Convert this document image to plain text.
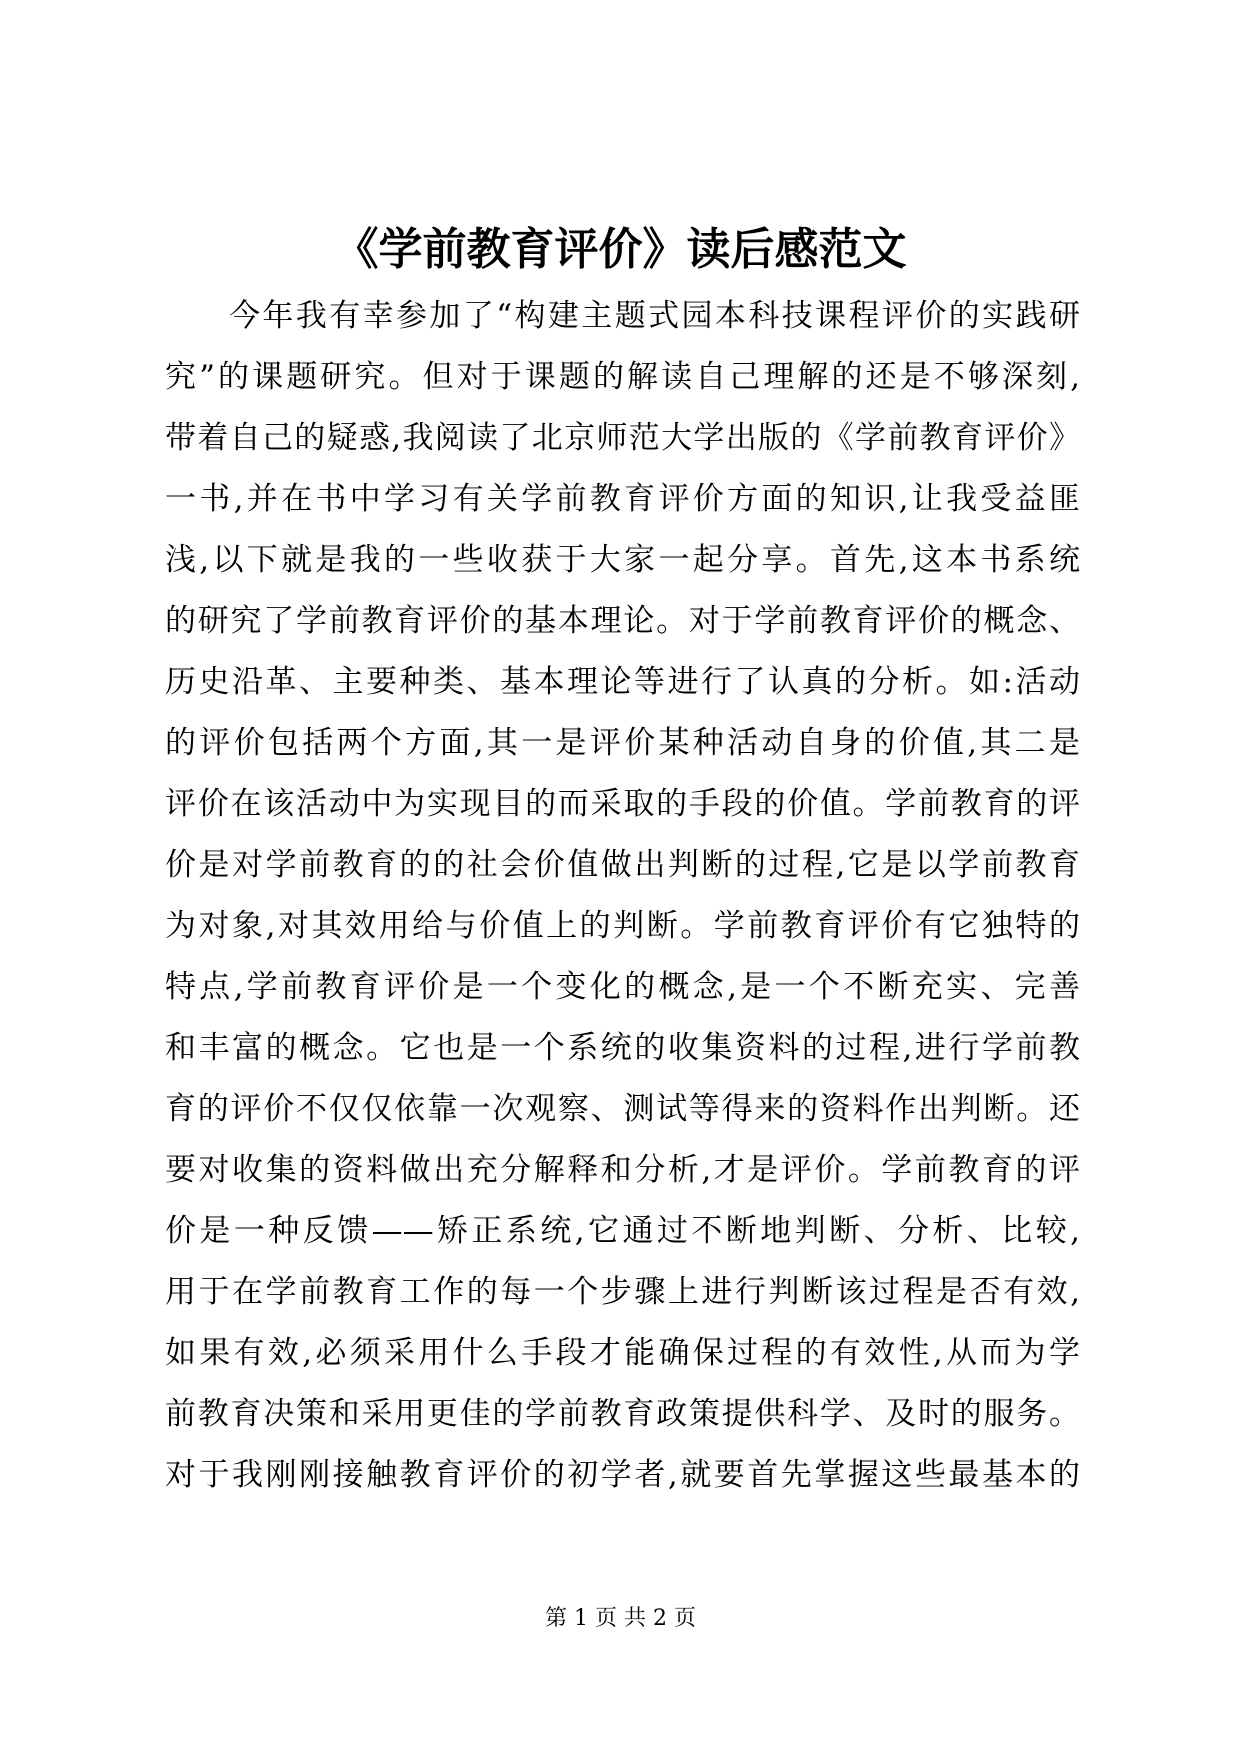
《学前教育评价》读后感范文
今年我有幸参加了“构建主题式园本科技课程评价的实践研
究”的课题研究。但对于课题的解读自己理解的还是不够深刻,
带着自己的疑惑,我阅读了北京师范大学出版的《学前教育评价》
一书,并在书中学习有关学前教育评价方面的知识,让我受益匪
浅,以下就是我的一些收获于大家一起分享。首先,这本书系统
的研究了学前教育评价的基本理论。对于学前教育评价的概念、
历史沿革、主要种类、基本理论等进行了认真的分析。如:活动
的评价包括两个方面,其一是评价某种活动自身的价值,其二是
评价在该活动中为实现目的而采取的手段的价值。学前教育的评
价是对学前教育的的社会价值做出判断的过程,它是以学前教育
为对象,对其效用给与价值上的判断。学前教育评价有它独特的
特点,学前教育评价是一个变化的概念,是一个不断充实、完善
和丰富的概念。它也是一个系统的收集资料的过程,进行学前教
育的评价不仅仅依靠一次观察、测试等得来的资料作出判断。还
要对收集的资料做出充分解释和分析,才是评价。学前教育的评
价是一种反馈——矫正系统,它通过不断地判断、分析、比较,
用于在学前教育工作的每一个步骤上进行判断该过程是否有效,
如果有效,必须采用什么手段才能确保过程的有效性,从而为学
前教育决策和采用更佳的学前教育政策提供科学、及时的服务。
对于我刚刚接触教育评价的初学者,就要首先掌握这些最基本的
第 1 页 共 2 页
